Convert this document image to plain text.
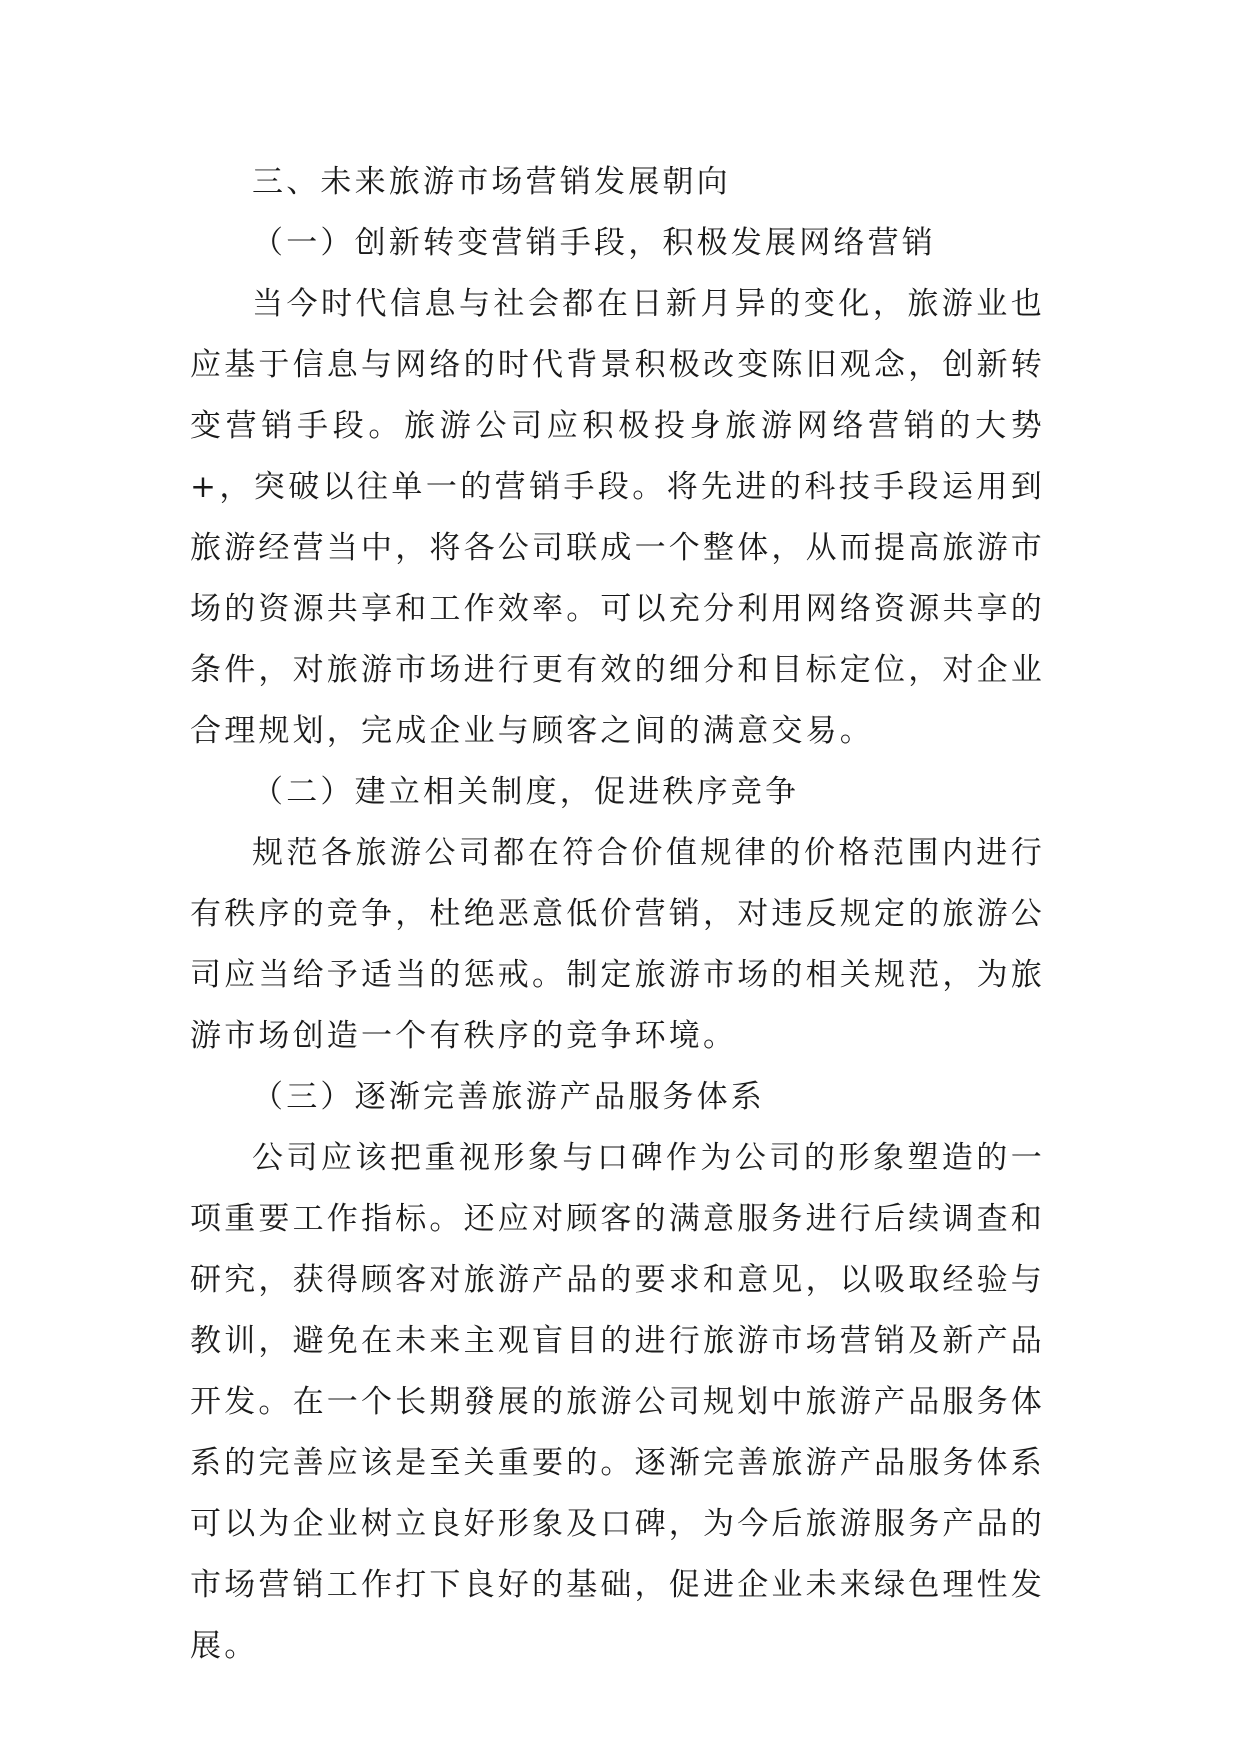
三、未来旅游市场营销发展朝向
（一）创新转变营销手段，积极发展网络营销

当今时代信息与社会都在日新月异的变化，旅游业也应基于信息与网络的时代背景积极改变陈旧观念，创新转变营销手段。旅游公司应积极投身旅游网络营销的大势+，突破以往单一的营销手段。将先进的科技手段运用到旅游经营当中，将各公司联成一个整体，从而提高旅游市场的资源共享和工作效率。可以充分利用网络资源共享的条件，对旅游市场进行更有效的细分和目标定位，对企业合理规划，完成企业与顾客之间的满意交易。

（二）建立相关制度，促进秩序竞争

规范各旅游公司都在符合价值规律的价格范围内进行有秩序的竞争，杜绝恶意低价营销，对违反规定的旅游公司应当给予适当的惩戒。制定旅游市场的相关规范，为旅游市场创造一个有秩序的竞争环境。

（三）逐渐完善旅游产品服务体系

公司应该把重视形象与口碑作为公司的形象塑造的一项重要工作指标。还应对顾客的满意服务进行后续调查和研究，获得顾客对旅游产品的要求和意见，以吸取经验与教训，避免在未来主观盲目的进行旅游市场营销及新产品开发。在一个长期發展的旅游公司规划中旅游产品服务体系的完善应该是至关重要的。逐渐完善旅游产品服务体系可以为企业树立良好形象及口碑，为今后旅游服务产品的市场营销工作打下良好的基础，促进企业未来绿色理性发展。
